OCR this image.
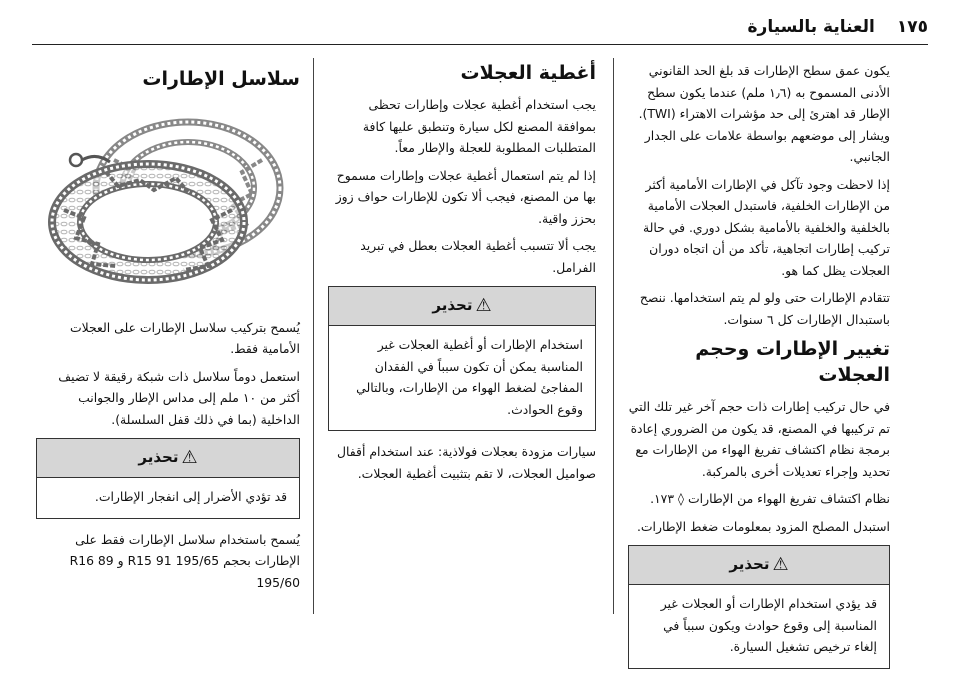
١٧٥
العناية بالسيارة

يكون عمق سطح الإطارات قد بلغ الحد القانوني الأدنى المسموح به (١٫٦ ملم) عندما يكون سطح الإطار قد اهترئ إلى حد مؤشرات الاهتراء (TWI). ويشار إلى موضعهم بواسطة علامات على الجدار الجانبي.

إذا لاحظت وجود تآكل في الإطارات الأمامية أكثر من الإطارات الخلفية، فاستبدل العجلات الأمامية بالخلفية والخلفية بالأمامية بشكل دوري. في حالة تركيب إطارات اتجاهية، تأكد من أن اتجاه دوران العجلات يظل كما هو.

تتقادم الإطارات حتى ولو لم يتم استخدامها. ننصح باستبدال الإطارات كل ٦ سنوات.

تغيير الإطارات وحجم العجلات

في حال تركيب إطارات ذات حجم آخر غير تلك التي تم تركيبها في المصنع، قد يكون من الضروري إعادة برمجة نظام اكتشاف تفريغ الهواء من الإطارات مع تحديد وإجراء تعديلات أخرى بالمركبة.

نظام اكتشاف تفريغ الهواء من الإطارات ◊ ١٧٣.

استبدل المصلح المزود بمعلومات ضغط الإطارات.

⚠
تحذير
قد يؤدي استخدام الإطارات أو العجلات غير المناسبة إلى وقوع حوادث ويكون سبباً في إلغاء ترخيص تشغيل السيارة.
أغطية العجلات

يجب استخدام أغطية عجلات وإطارات تحظى بموافقة المصنع لكل سيارة وتنطبق عليها كافة المتطلبات المطلوبة للعجلة والإطار معاً.

إذا لم يتم استعمال أغطية عجلات وإطارات مسموح بها من المصنع، فيجب ألا تكون للإطارات حواف زوز بحزز واقية.

يجب ألا تتسبب أغطية العجلات بعطل في تبريد الفرامل.

⚠
تحذير
استخدام الإطارات أو أغطية العجلات غير المناسبة يمكن أن تكون سبباً في الفقدان المفاجئ لضغط الهواء من الإطارات، وبالتالي وقوع الحوادث.

سيارات مزودة بعجلات فولاذية: عند استخدام أقفال صواميل العجلات، لا تقم بتثبيت أغطية العجلات.

سلاسل الإطارات

يُسمح بتركيب سلاسل الإطارات على العجلات الأمامية فقط.

استعمل دوماً سلاسل ذات شبكة رقيقة لا تضيف أكثر من ١٠ ملم إلى مداس الإطار والجوانب الداخلية (بما في ذلك قفل السلسلة).

⚠
تحذير
قد تؤدي الأضرار إلى انفجار الإطارات.

يُسمح باستخدام سلاسل الإطارات فقط على الإطارات بحجم R15 91 195/65 و R16 89 195/60
